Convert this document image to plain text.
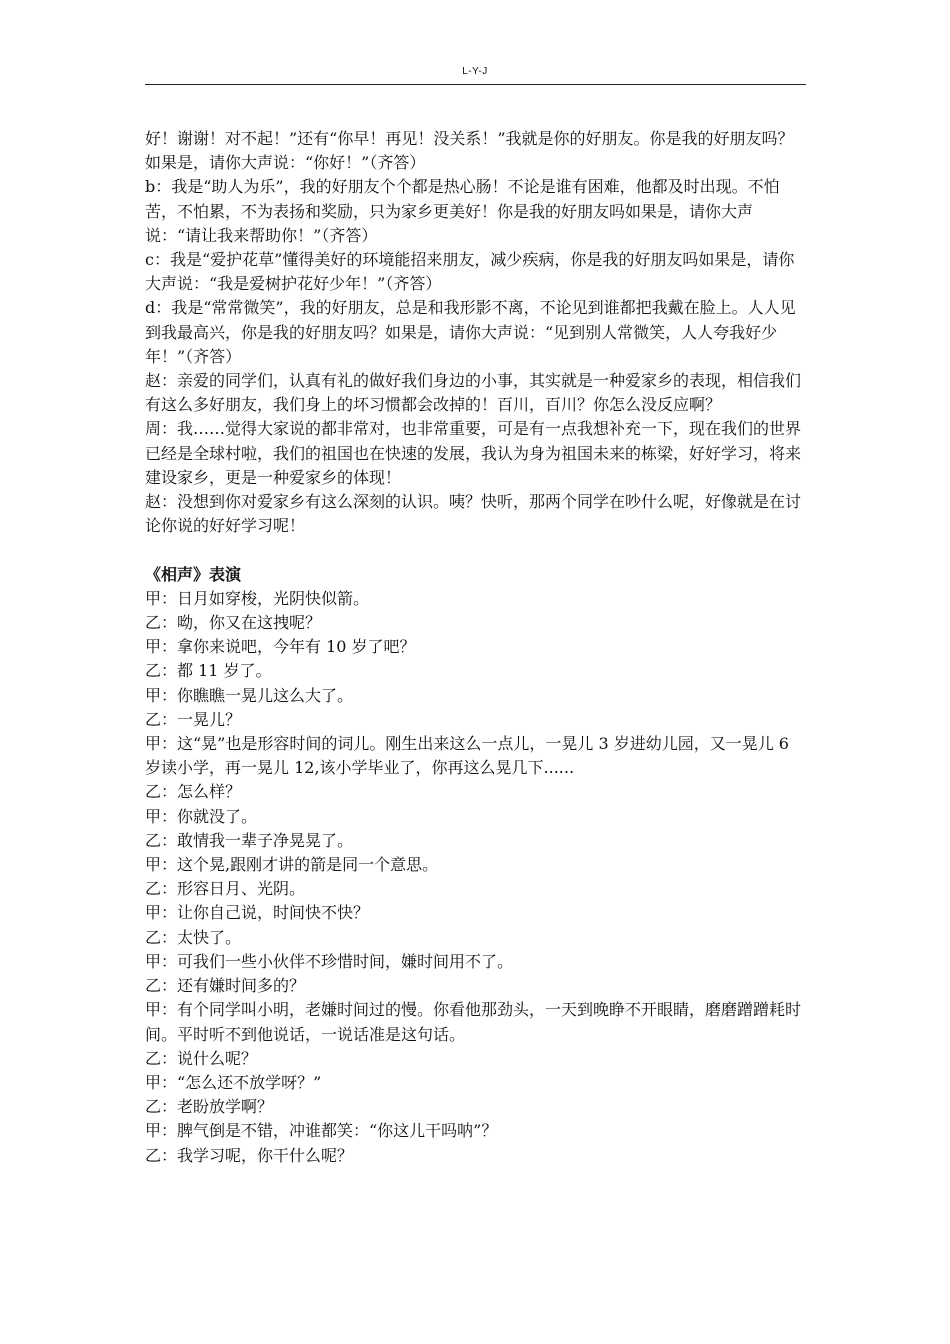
L-Y-J

好！谢谢！对不起！”还有“你早！再见！没关系！”我就是你的好朋友。你是我的好朋友吗？如果是，请你大声说：“你好！”（齐答）

b：我是“助人为乐”，我的好朋友个个都是热心肠！不论是谁有困难，他都及时出现。不怕苦，不怕累，不为表扬和奖励，只为家乡更美好！你是我的好朋友吗如果是，请你大声说：“请让我来帮助你！”（齐答）

c：我是“爱护花草”懂得美好的环境能招来朋友，减少疾病，你是我的好朋友吗如果是，请你大声说：“我是爱树护花好少年！”（齐答）

d：我是“常常微笑”，我的好朋友，总是和我形影不离，不论见到谁都把我戴在脸上。人人见到我最高兴，你是我的好朋友吗？如果是，请你大声说：“见到别人常微笑，人人夸我好少年！”（齐答）

赵：亲爱的同学们，认真有礼的做好我们身边的小事，其实就是一种爱家乡的表现，相信我们有这么多好朋友，我们身上的坏习惯都会改掉的！百川，百川？你怎么没反应啊？

周：我……觉得大家说的都非常对，也非常重要，可是有一点我想补充一下，现在我们的世界已经是全球村啦，我们的祖国也在快速的发展，我认为身为祖国未来的栋梁，好好学习，将来建设家乡，更是一种爱家乡的体现！

赵：没想到你对爱家乡有这么深刻的认识。咦？快听，那两个同学在吵什么呢，好像就是在讨论你说的好好学习呢！

《相声》表演

甲：日月如穿梭，光阴快似箭。

乙：呦，你又在这拽呢？

甲：拿你来说吧，今年有 10 岁了吧？

乙：都 11 岁了。

甲：你瞧瞧一晃儿这么大了。

乙：一晃儿？

甲：这“晃”也是形容时间的词儿。刚生出来这么一点儿，一晃儿 3 岁进幼儿园，又一晃儿 6 岁读小学，再一晃儿 12,该小学毕业了，你再这么晃几下......

乙：怎么样？

甲：你就没了。

乙：敢情我一辈子净晃晃了。

甲：这个晃,跟刚才讲的箭是同一个意思。

乙：形容日月、光阴。

甲：让你自己说，时间快不快？

乙：太快了。

甲：可我们一些小伙伴不珍惜时间，嫌时间用不了。

乙：还有嫌时间多的？

甲：有个同学叫小明，老嫌时间过的慢。你看他那劲头，一天到晚睁不开眼睛，磨磨蹭蹭耗时间。平时听不到他说话，一说话准是这句话。

乙：说什么呢？

甲：“怎么还不放学呀？”

乙：老盼放学啊？

甲：脾气倒是不错，冲谁都笑：“你这儿干吗呐”？

乙：我学习呢，你干什么呢？
